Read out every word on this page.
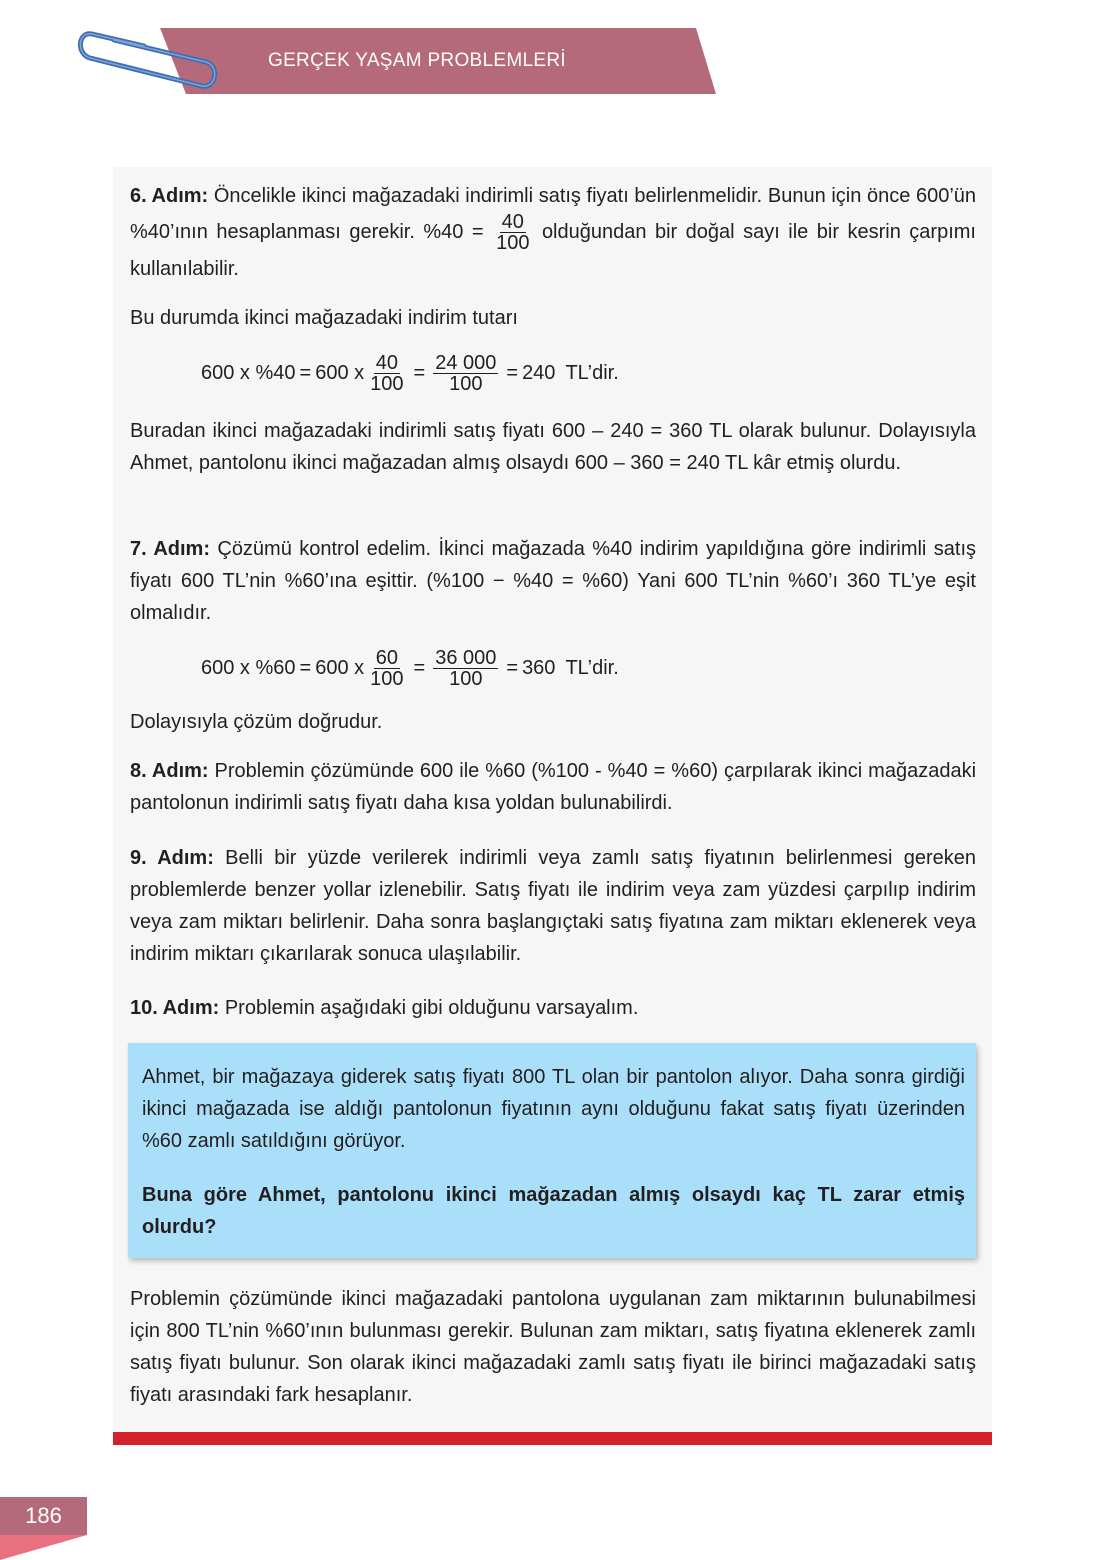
GERÇEK YAŞAM PROBLEMLERİ
6. Adım: Öncelikle ikinci mağazadaki indirimli satış fiyatı belirlenmelidir. Bunun için önce 600’ün %40’ının hesaplanması gerekir. $\%40 = \frac{40}{100}$ olduğundan bir doğal sayı ile bir kesrin çarpımı kullanılabilir.
Bu durumda ikinci mağazadaki indirim tutarı
600 x %40 = 600 x $\frac{40}{100} = \frac{24 000}{100} = 240$ TL’dir.
Buradan ikinci mağazadaki indirimli satış fiyatı 600 – 240 = 360 TL olarak bulunur. Dolayısıyla Ahmet, pantolonu ikinci mağazadan almış olsaydı 600 – 360 = 240 TL kâr etmiş olurdu.
7. Adım: Çözümü kontrol edelim. İkinci mağazada %40 indirim yapıldığına göre indirimli satış fiyatı 600 TL’nin %60’ına eşittir. (%100 − %40 = %60) Yani 600 TL’nin %60’ı 360 TL’ye eşit olmalıdır.
600 x %60 = 600 x $\frac{60}{100} = \frac{36 000}{100} = 360$ TL’dir.
Dolayısıyla çözüm doğrudur.
8. Adım: Problemin çözümünde 600 ile %60 (%100 - %40 = %60) çarpılarak ikinci mağazadaki pantolonun indirimli satış fiyatı daha kısa yoldan bulunabilirdi.
9. Adım: Belli bir yüzde verilerek indirimli veya zamlı satış fiyatının belirlenmesi gereken problemlerde benzer yollar izlenebilir. Satış fiyatı ile indirim veya zam yüzdesi çarpılıp indirim veya zam miktarı belirlenir. Daha sonra başlangıçtaki satış fiyatına zam miktarı eklenerek veya indirim miktarı çıkarılarak sonuca ulaşılabilir.
10. Adım: Problemin aşağıdaki gibi olduğunu varsayalım.
Ahmet, bir mağazaya giderek satış fiyatı 800 TL olan bir pantolon alıyor. Daha sonra girdiği ikinci mağazada ise aldığı pantolonun fiyatının aynı olduğunu fakat satış fiyatı üzerinden %60 zamlı satıldığını görüyor.
Buna göre Ahmet, pantolonu ikinci mağazadan almış olsaydı kaç TL zarar etmiş olurdu?
Problemin çözümünde ikinci mağazadaki pantolona uygulanan zam miktarının bulunabilmesi için 800 TL’nin %60’ının bulunması gerekir. Bulunan zam miktarı, satış fiyatına eklenerek zamlı satış fiyatı bulunur. Son olarak ikinci mağazadaki zamlı satış fiyatı ile birinci mağazadaki satış fiyatı arasındaki fark hesaplanır.
186
